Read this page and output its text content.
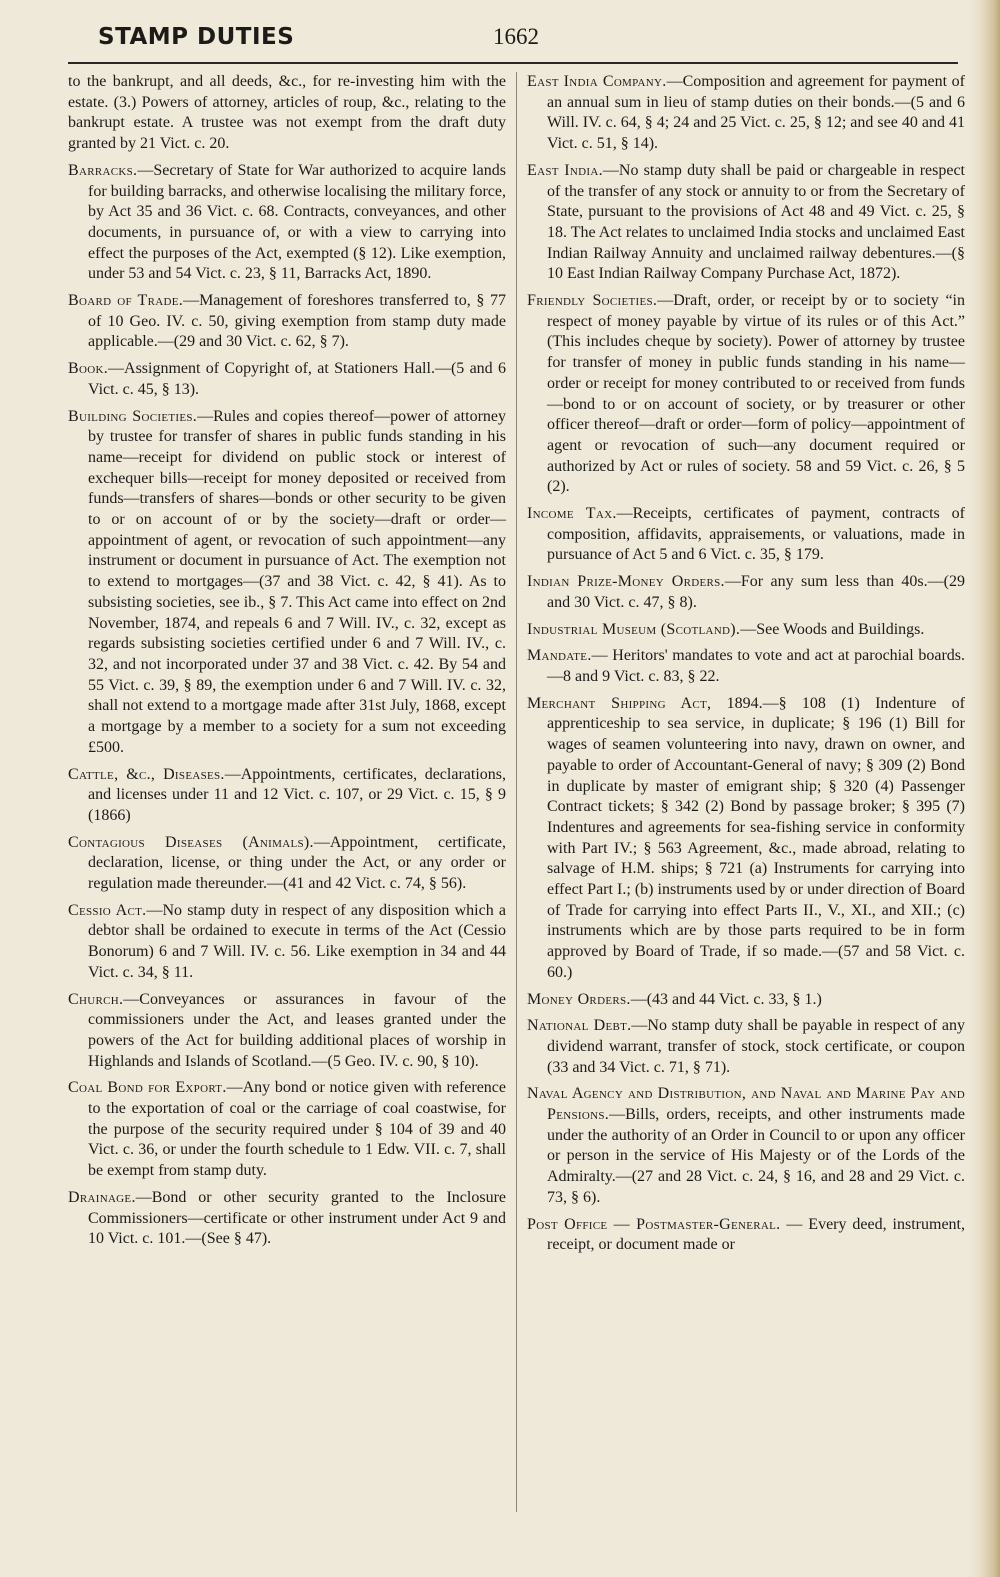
STAMP DUTIES	1662

to the bankrupt, and all deeds, &c., for re-investing him with the estate. (3.) Powers of attorney, articles of roup, &c., relating to the bankrupt estate. A trustee was not exempt from the draft duty granted by 21 Vict. c. 20.

Barracks.—Secretary of State for War authorized to acquire lands for building barracks, and otherwise localising the military force, by Act 35 and 36 Vict. c. 68. Contracts, conveyances, and other documents, in pursuance of, or with a view to carrying into effect the purposes of the Act, exempted (§ 12). Like exemption, under 53 and 54 Vict. c. 23, § 11, Barracks Act, 1890.

Board of Trade.—Management of foreshores transferred to, § 77 of 10 Geo. IV. c. 50, giving exemption from stamp duty made applicable.—(29 and 30 Vict. c. 62, § 7).

Book.—Assignment of Copyright of, at Stationers Hall.—(5 and 6 Vict. c. 45, § 13).

Building Societies.—Rules and copies thereof—power of attorney by trustee for transfer of shares in public funds standing in his name—receipt for dividend on public stock or interest of exchequer bills—receipt for money deposited or received from funds—transfers of shares—bonds or other security to be given to or on account of or by the society—draft or order—appointment of agent, or revocation of such appointment—any instrument or document in pursuance of Act. The exemption not to extend to mortgages—(37 and 38 Vict. c. 42, § 41). As to subsisting societies, see ib., § 7. This Act came into effect on 2nd November, 1874, and repeals 6 and 7 Will. IV., c. 32, except as regards subsisting societies certified under 6 and 7 Will. IV., c. 32, and not incorporated under 37 and 38 Vict. c. 42. By 54 and 55 Vict. c. 39, § 89, the exemption under 6 and 7 Will. IV. c. 32, shall not extend to a mortgage made after 31st July, 1868, except a mortgage by a member to a society for a sum not exceeding £500.

Cattle, &c., Diseases.—Appointments, certificates, declarations, and licenses under 11 and 12 Vict. c. 107, or 29 Vict. c. 15, § 9 (1866)

Contagious Diseases (Animals).—Appointment, certificate, declaration, license, or thing under the Act, or any order or regulation made thereunder.—(41 and 42 Vict. c. 74, § 56).

Cessio Act.—No stamp duty in respect of any disposition which a debtor shall be ordained to execute in terms of the Act (Cessio Bonorum) 6 and 7 Will. IV. c. 56. Like exemption in 34 and 44 Vict. c. 34, § 11.

Church.—Conveyances or assurances in favour of the commissioners under the Act, and leases granted under the powers of the Act for building additional places of worship in Highlands and Islands of Scotland.—(5 Geo. IV. c. 90, § 10).

Coal Bond for Export.—Any bond or notice given with reference to the exportation of coal or the carriage of coal coastwise, for the purpose of the security required under § 104 of 39 and 40 Vict. c. 36, or under the fourth schedule to 1 Edw. VII. c. 7, shall be exempt from stamp duty.

Drainage.—Bond or other security granted to the Inclosure Commissioners—certificate or other instrument under Act 9 and 10 Vict. c. 101.—(See § 47).

East India Company.—Composition and agreement for payment of an annual sum in lieu of stamp duties on their bonds.—(5 and 6 Will. IV. c. 64, § 4; 24 and 25 Vict. c. 25, § 12; and see 40 and 41 Vict. c. 51, § 14).

East India.—No stamp duty shall be paid or chargeable in respect of the transfer of any stock or annuity to or from the Secretary of State, pursuant to the provisions of Act 48 and 49 Vict. c. 25, § 18. The Act relates to unclaimed India stocks and unclaimed East Indian Railway Annuity and unclaimed railway debentures.—(§ 10 East Indian Railway Company Purchase Act, 1872).

Friendly Societies.—Draft, order, or receipt by or to society “in respect of money payable by virtue of its rules or of this Act.” (This includes cheque by society). Power of attorney by trustee for transfer of money in public funds standing in his name—order or receipt for money contributed to or received from funds—bond to or on account of society, or by treasurer or other officer thereof—draft or order—form of policy—appointment of agent or revocation of such—any document required or authorized by Act or rules of society. 58 and 59 Vict. c. 26, § 5 (2).

Income Tax.—Receipts, certificates of payment, contracts of composition, affidavits, appraisements, or valuations, made in pursuance of Act 5 and 6 Vict. c. 35, § 179.

Indian Prize-Money Orders.—For any sum less than 40s.—(29 and 30 Vict. c. 47, § 8).

Industrial Museum (Scotland).—See Woods and Buildings.

Mandate.— Heritors' mandates to vote and act at parochial boards.—8 and 9 Vict. c. 83, § 22.

Merchant Shipping Act, 1894.—§ 108 (1) Indenture of apprenticeship to sea service, in duplicate; § 196 (1) Bill for wages of seamen volunteering into navy, drawn on owner, and payable to order of Accountant-General of navy; § 309 (2) Bond in duplicate by master of emigrant ship; § 320 (4) Passenger Contract tickets; § 342 (2) Bond by passage broker; § 395 (7) Indentures and agreements for sea-fishing service in conformity with Part IV.; § 563 Agreement, &c., made abroad, relating to salvage of H.M. ships; § 721 (a) Instruments for carrying into effect Part I.; (b) instruments used by or under direction of Board of Trade for carrying into effect Parts II., V., XI., and XII.; (c) instruments which are by those parts required to be in form approved by Board of Trade, if so made.—(57 and 58 Vict. c. 60.)

Money Orders.—(43 and 44 Vict. c. 33, § 1.)

National Debt.—No stamp duty shall be payable in respect of any dividend warrant, transfer of stock, stock certificate, or coupon (33 and 34 Vict. c. 71, § 71).

Naval Agency and Distribution, and Naval and Marine Pay and Pensions.—Bills, orders, receipts, and other instruments made under the authority of an Order in Council to or upon any officer or person in the service of His Majesty or of the Lords of the Admiralty.—(27 and 28 Vict. c. 24, § 16, and 28 and 29 Vict. c. 73, § 6).

Post Office — Postmaster-General. — Every deed, instrument, receipt, or document made or
